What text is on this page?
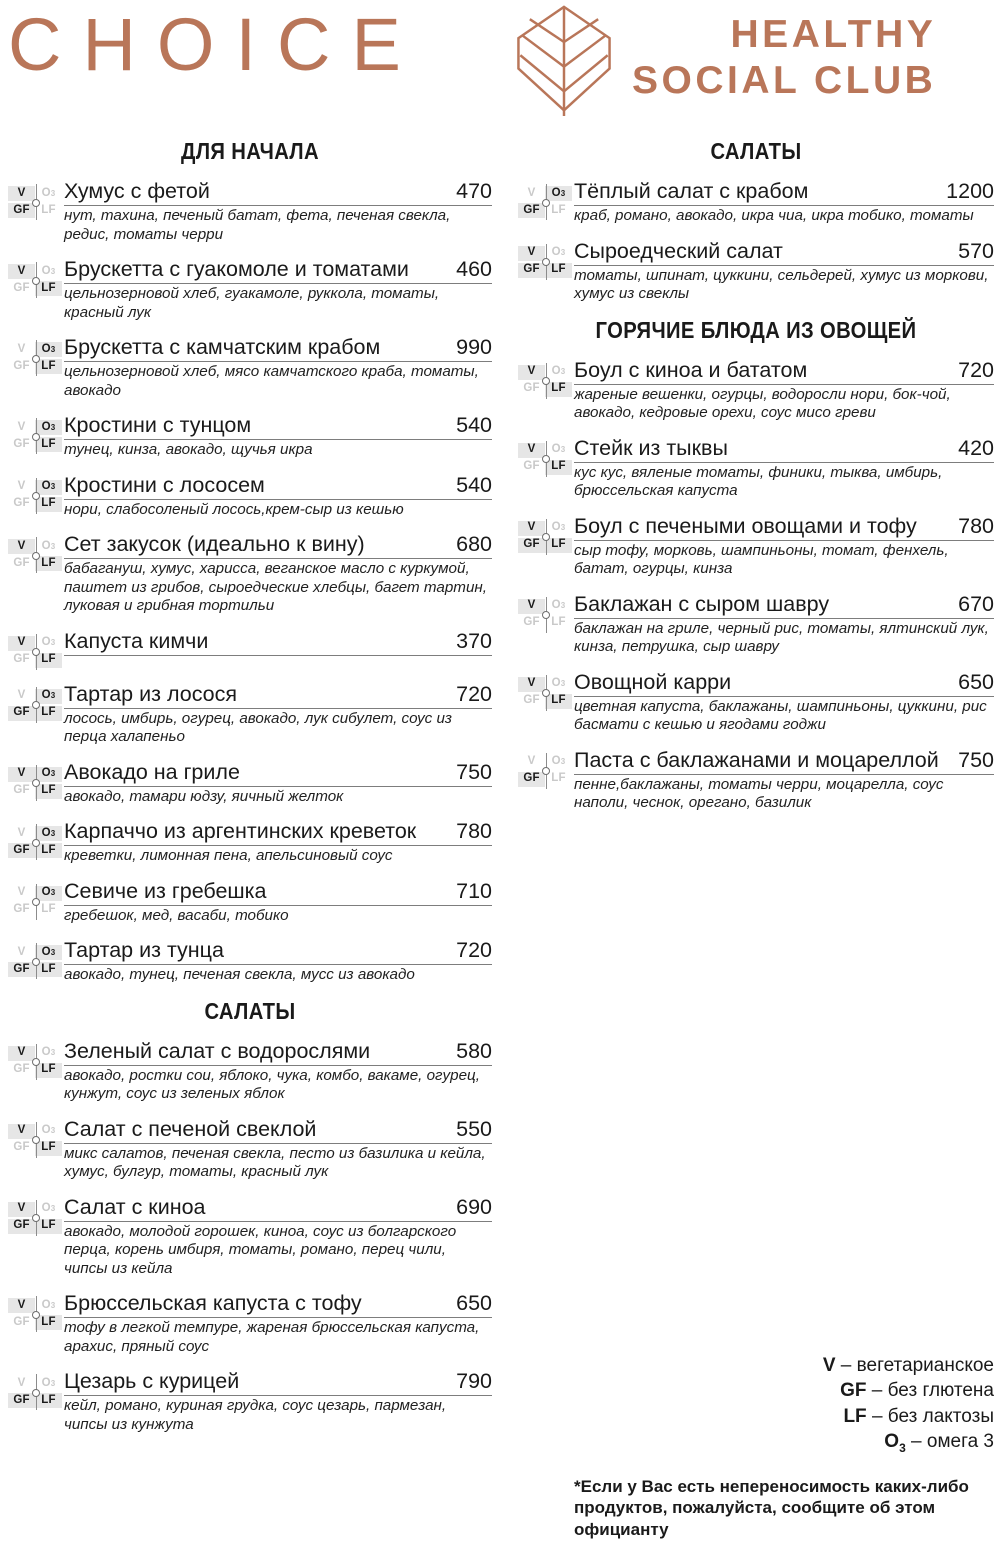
CHOICE	HEALTHY
SOCIAL CLUB
ДЛЯ НАЧАЛА
V	O 3
GF	LF
Хумус с фетой	470
нут, тахина, печеный батат, фета, печеная свекла, редис, томаты черри
V	O 3
GF	LF
Брускетта с гуакомоле и томатами 460
цельнозерновой хлеб, гуакамоле, руккола, томаты, красный лук
V	O 3
GF	LF
Брускетта с камчатским крабом	990
цельнозерновой хлеб, мясо камчатского краба, томаты, авокадо
V	O 3
GF	LF
Кростини с тунцом	540
тунец, кинза, авокадо, щучья икра
V	O 3
GF	LF
Кростини с лососем	540
нори, слабосоленый лосось,крем-сыр из кешью
V	O 3
GF	LF
Сет закусок (идеально к вину)	680
бабагануш, хумус, харисса, веганское масло с куркумой, паштет из грибов, сыроедческие хлебцы, багет тартин, луковая и грибная тортильи
V	O 3
GF	LF
Капуста кимчи	370
V	O 3
GF	LF
Тартар из лосося	720
лосось, имбирь, огурец, авокадо, лук сибулет, соус из перца халапеньо
V	O 3
GF	LF
Авокадо на гриле	750
авокадо, тамари юдзу, яичный желток
V	O 3
GF	LF
Карпаччо из аргентинских креветок 780
креветки, лимонная пена, апельсиновый соус
V	O 3
GF	LF
Севиче из гребешка	710
гребешок, мед, васаби, тобико
V	O 3
GF	LF
Тартар из тунца	720
авокадо, тунец, печеная свекла, мусс из авокадо
САЛАТЫ
V	O 3
GF	LF
Зеленый салат с водорослями	580
авокадо, ростки сои, яблоко, чука, комбо, вакаме, огурец, кунжут, соус из зеленых яблок
V	O 3
GF	LF
Салат с печеной свеклой	550
микс салатов, печеная свекла, песто из базилика и кейла, хумус, булгур, томаты, красный лук
V	O 3
GF	LF
Салат с киноа	690
авокадо, молодой горошек, киноа, соус из болгарского перца, корень имбиря, томаты, романо, перец чили, чипсы из кейла
V	O 3
GF	LF
Брюссельская капуста с тофу	650
тофу в легкой темпуре, жареная брюссельская капуста, арахис, пряный соус
V	O 3
GF	LF
Цезарь с курицей	790
кейл, романо, куриная грудка, соус цезарь, пармезан, чипсы из кунжута
САЛАТЫ
V	O 3
GF	LF
Тёплый салат с крабом	1200
краб, романо, авокадо, икра чиа, икра тобико, томаты
V	O 3
GF	LF
Сыроедческий салат	570
томаты, шпинат, цуккини, сельдерей, хумус из моркови, хумус из свеклы
ГОРЯЧИЕ БЛЮДА ИЗ ОВОЩЕЙ
V	O 3
GF	LF
Боул с киноа и бататом	720
жареные вешенки, огурцы, водоросли нори, бок-чой, авокадо, кедровые орехи, соус мисо греви
V	O 3
GF	LF
Стейк из тыквы	420
кус кус, вяленые томаты, финики, тыква, имбирь, брюссельская капуста
V	O 3
GF	LF
Боул с печеными овощами и тофу 780
сыр тофу, морковь, шампиньоны, томат, фенхель, батат, огурцы, кинза
V	O 3
GF	LF
Баклажан с сыром шавру	670
баклажан на гриле, черный рис, томаты, ялтинский лук, кинза, петрушка, сыр шавру
V	O 3
GF	LF
Овощной карри	650
цветная капуста, баклажаны, шампиньоны, цуккини, рис басмати с кешью и ягодами годжи
V	O 3
GF	LF
Паста с баклажанами и моцареллой 750
пенне,баклажаны, томаты черри, моцарелла, соус наполи, чеснок, орегано, базилик
V – вегетарианское
GF – без глютена
LF – без лактозы
$O_3$ – омега 3
*Если у Вас есть непереносимость каких-либо продуктов, пожалуйста, сообщите об этом официанту
